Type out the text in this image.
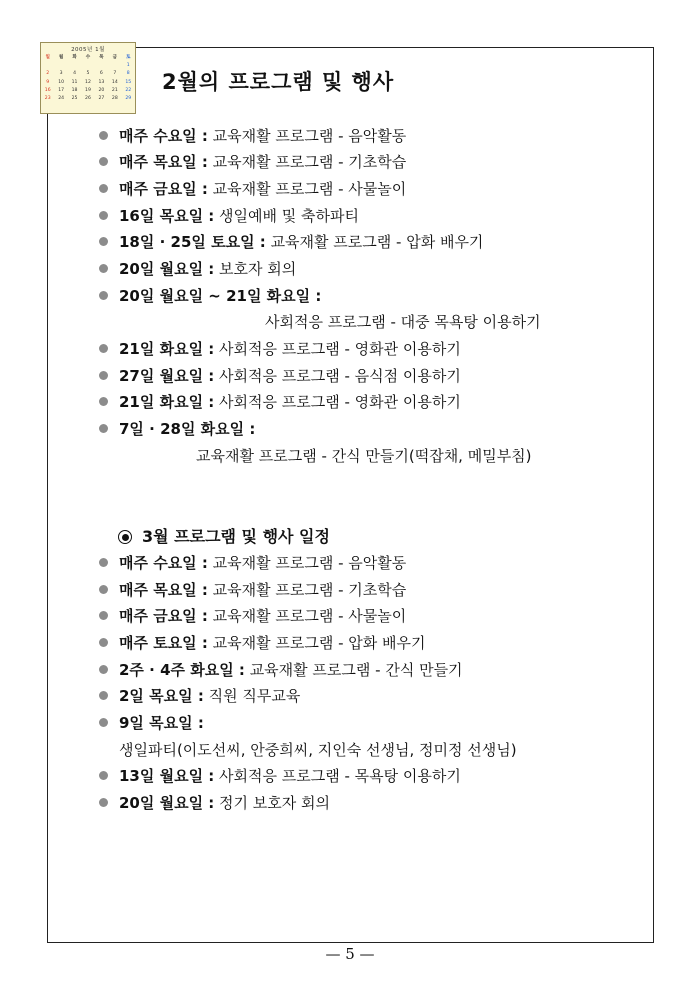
2005년 1월
일	월	화	수	목	금	토
						1
2	3	4	5	6	7	8
9	10	11	12	13	14	15
16	17	18	19	20	21	22
23	24	25	26	27	28	29
2월의 프로그램 및 행사
매주 수요일 : 교육재활 프로그램 - 음악활동
매주 목요일 : 교육재활 프로그램 - 기초학습
매주 금요일 : 교육재활 프로그램 - 사물놀이
16일 목요일 : 생일예배 및 축하파티
18일 · 25일 토요일 : 교육재활 프로그램 - 압화 배우기
20일 월요일 : 보호자 회의
20일 월요일 ~ 21일 화요일 :
사회적응 프로그램 - 대중 목욕탕 이용하기
21일 화요일 : 사회적응 프로그램 - 영화관 이용하기
27일 월요일 : 사회적응 프로그램 - 음식점 이용하기
21일 화요일 : 사회적응 프로그램 - 영화관 이용하기
7일 · 28일 화요일 :
교육재활 프로그램 - 간식 만들기(떡잡채, 메밀부침)
3월 프로그램 및 행사 일정
매주 수요일 : 교육재활 프로그램 - 음악활동
매주 목요일 : 교육재활 프로그램 - 기초학습
매주 금요일 : 교육재활 프로그램 - 사물놀이
매주 토요일 : 교육재활 프로그램 - 압화 배우기
2주 · 4주 화요일 : 교육재활 프로그램 - 간식 만들기
2일 목요일 : 직원 직무교육
9일 목요일 :
생일파티(이도선씨, 안중희씨, 지인숙 선생님, 정미정 선생님)
13일 월요일 : 사회적응 프로그램 - 목욕탕 이용하기
20일 월요일 : 정기 보호자 회의
— 5 —
